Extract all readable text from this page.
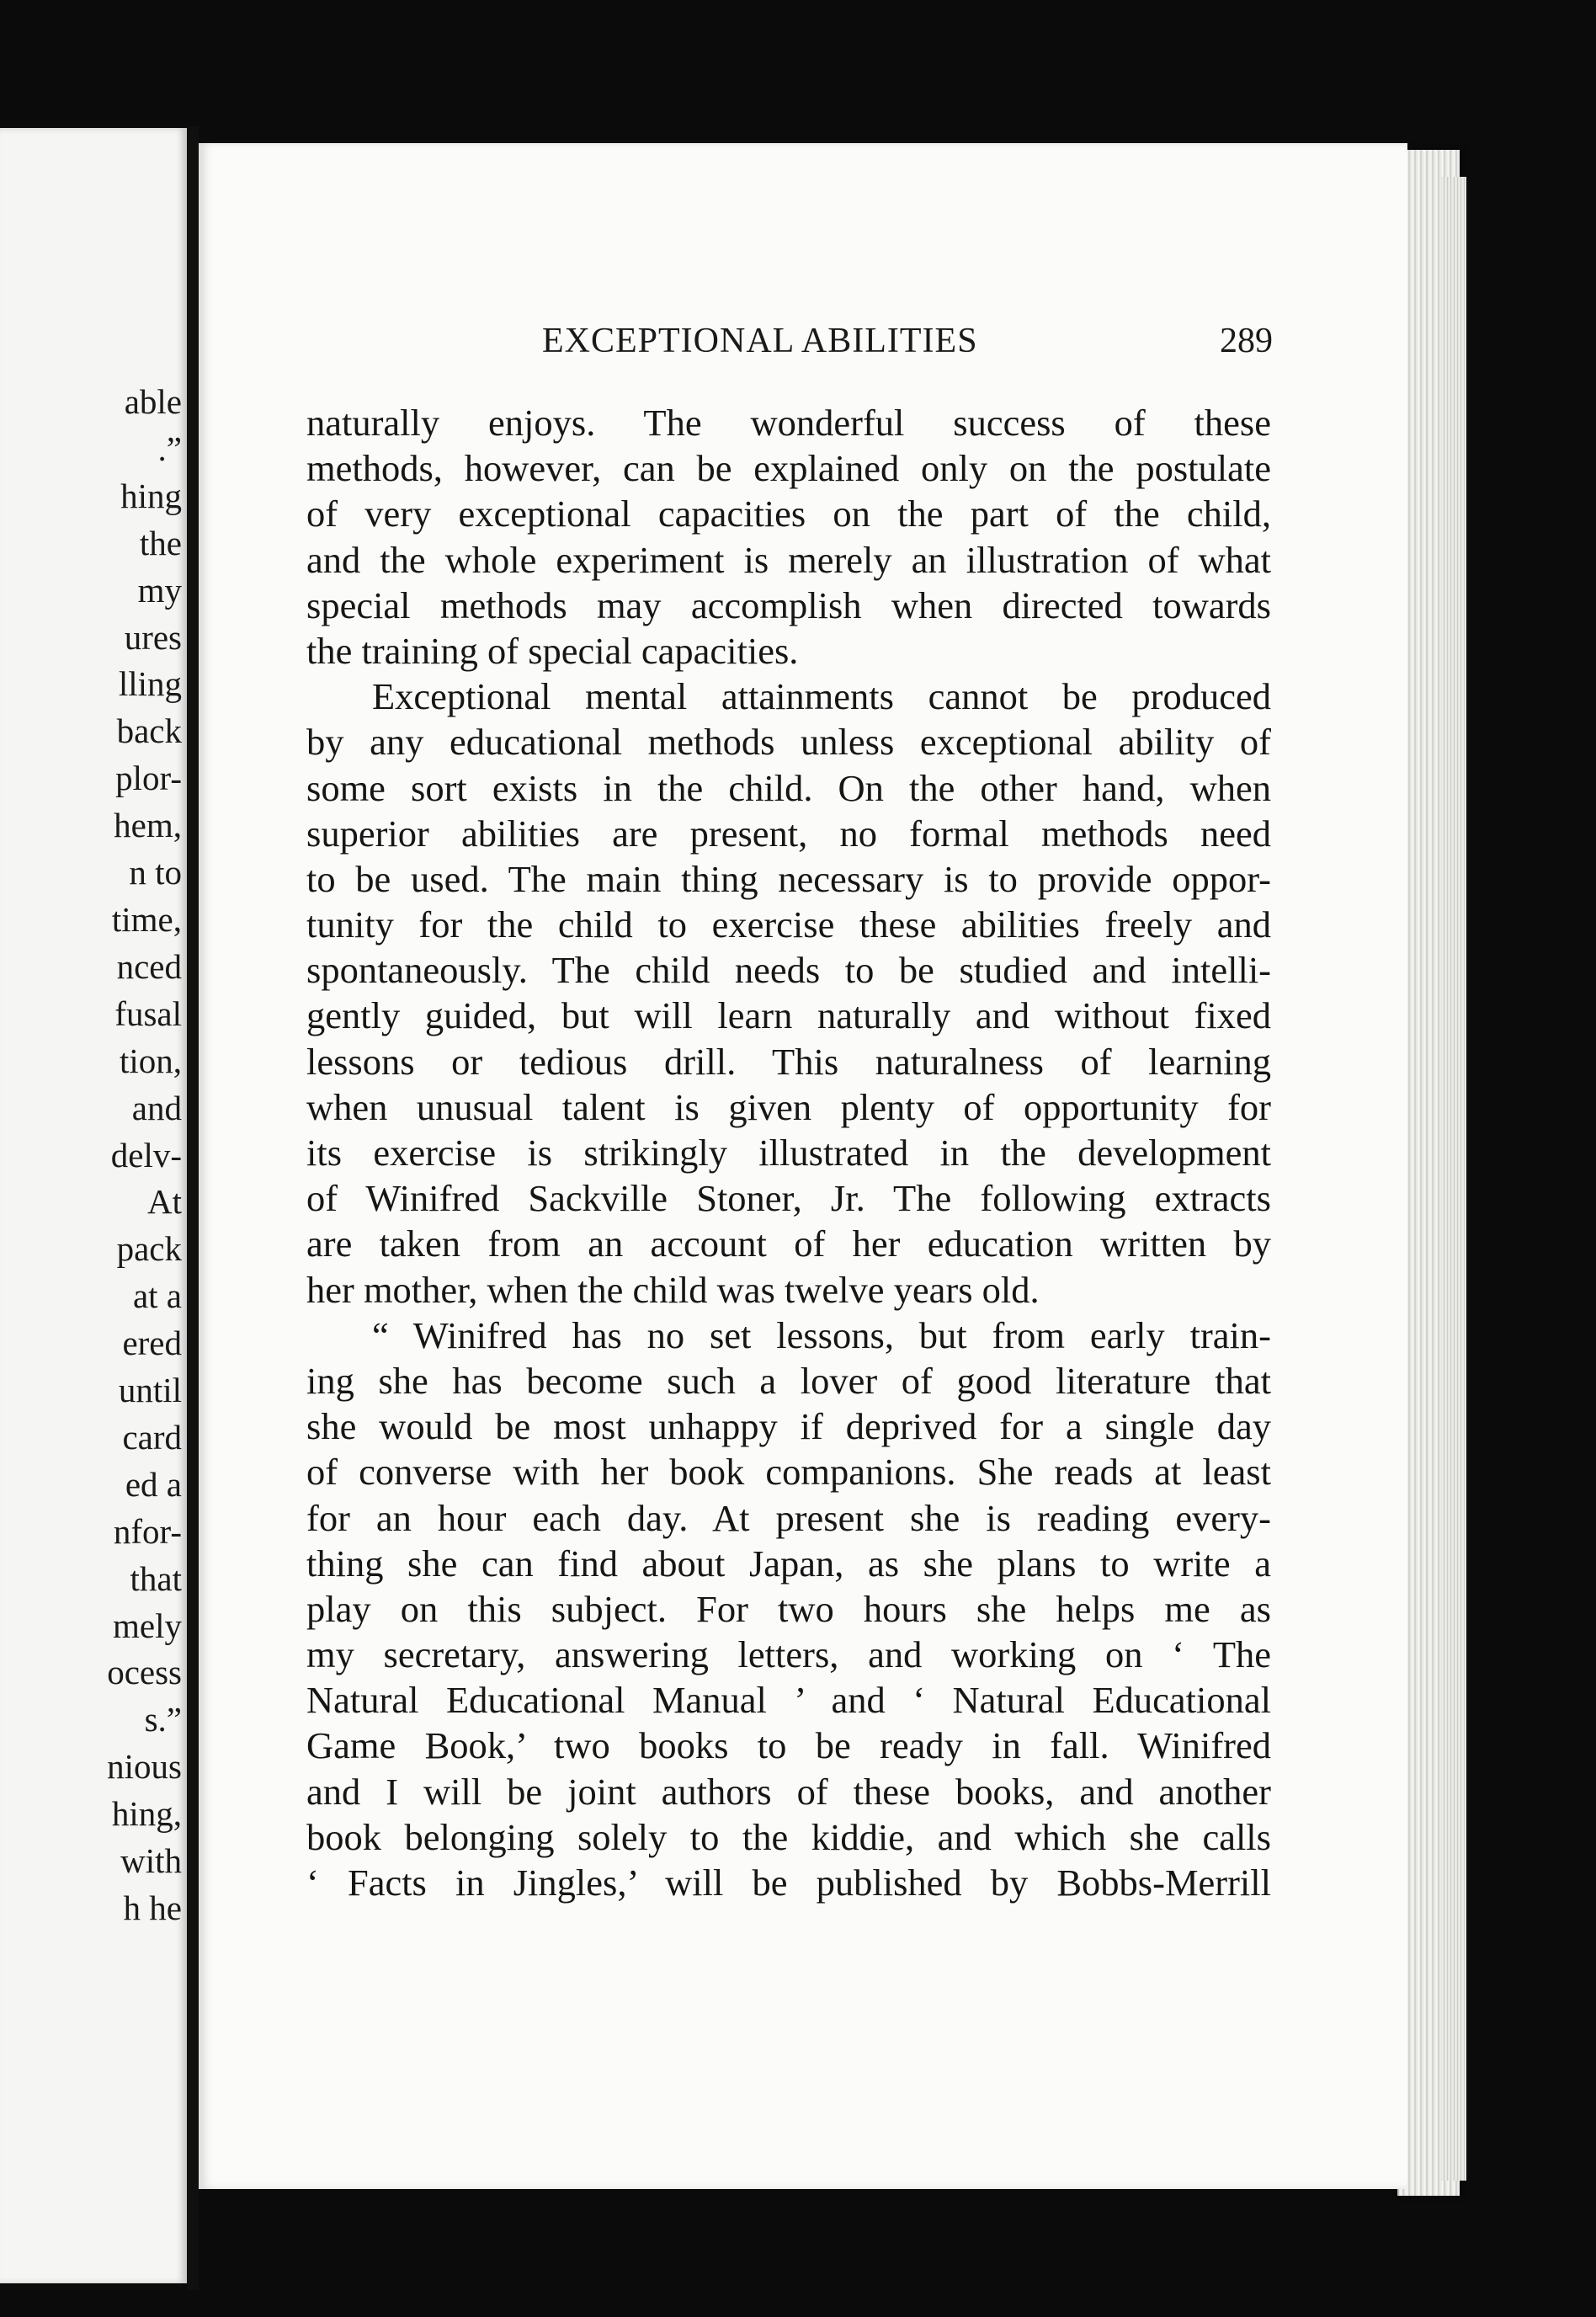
able
.”
hing
the
my
ures
lling
back
plor-
hem,
n to
time,
nced
fusal
tion,
and
delv-
At
pack
at a
ered
until
card
ed a
nfor-
that
mely
ocess
s.”
nious
hing,
with
h he
EXCEPTIONAL ABILITIES	289
naturally enjoys. The wonderful success of these
methods, however, can be explained only on the postulate
of very exceptional capacities on the part of the child,
and the whole experiment is merely an illustration of what
special methods may accomplish when directed towards
the training of special capacities.
Exceptional mental attainments cannot be produced
by any educational methods unless exceptional ability of
some sort exists in the child. On the other hand, when
superior abilities are present, no formal methods need
to be used. The main thing necessary is to provide oppor-
tunity for the child to exercise these abilities freely and
spontaneously. The child needs to be studied and intelli-
gently guided, but will learn naturally and without fixed
lessons or tedious drill. This naturalness of learning
when unusual talent is given plenty of opportunity for
its exercise is strikingly illustrated in the development
of Winifred Sackville Stoner, Jr. The following extracts
are taken from an account of her education written by
her mother, when the child was twelve years old.
“ Winifred has no set lessons, but from early train-
ing she has become such a lover of good literature that
she would be most unhappy if deprived for a single day
of converse with her book companions. She reads at least
for an hour each day. At present she is reading every-
thing she can find about Japan, as she plans to write a
play on this subject. For two hours she helps me as
my secretary, answering letters, and working on ‘ The
Natural Educational Manual ’ and ‘ Natural Educational
Game Book,’ two books to be ready in fall. Winifred
and I will be joint authors of these books, and another
book belonging solely to the kiddie, and which she calls
‘ Facts in Jingles,’ will be published by Bobbs-Merrill
